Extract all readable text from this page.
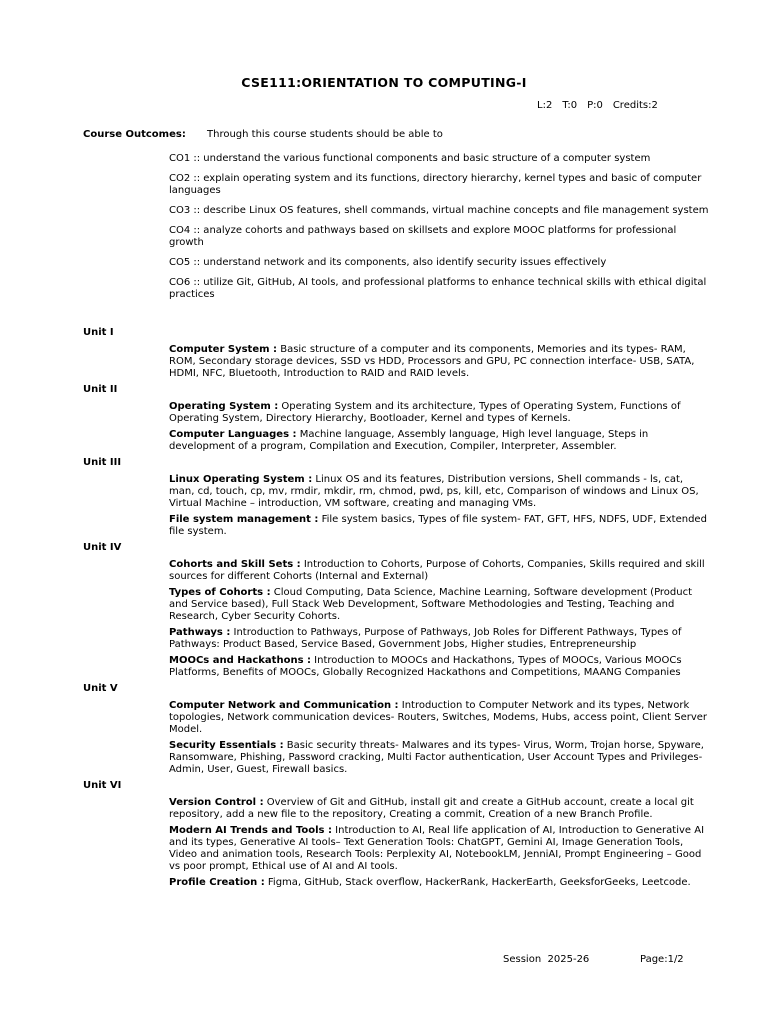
CSE111:ORIENTATION TO COMPUTING-I
L:2 T:0 P:0 Credits:2
Course Outcomes: Through this course students should be able to
CO1 :: understand the various functional components and basic structure of a computer system
CO2 :: explain operating system and its functions, directory hierarchy, kernel types and basic of computer languages
CO3 :: describe Linux OS features, shell commands, virtual machine concepts and file management system
CO4 :: analyze cohorts and pathways based on skillsets and explore MOOC platforms for professional growth
CO5 :: understand network and its components, also identify security issues effectively
CO6 :: utilize Git, GitHub, AI tools, and professional platforms to enhance technical skills with ethical digital practices
Unit I
Computer System : Basic structure of a computer and its components, Memories and its types- RAM, ROM, Secondary storage devices, SSD vs HDD, Processors and GPU, PC connection interface- USB, SATA, HDMI, NFC, Bluetooth, Introduction to RAID and RAID levels.
Unit II
Operating System : Operating System and its architecture, Types of Operating System, Functions of Operating System, Directory Hierarchy, Bootloader, Kernel and types of Kernels.
Computer Languages : Machine language, Assembly language, High level language, Steps in development of a program, Compilation and Execution, Compiler, Interpreter, Assembler.
Unit III
Linux Operating System : Linux OS and its features, Distribution versions, Shell commands - ls, cat, man, cd, touch, cp, mv, rmdir, mkdir, rm, chmod, pwd, ps, kill, etc, Comparison of windows and Linux OS, Virtual Machine – introduction, VM software, creating and managing VMs.
File system management : File system basics, Types of file system- FAT, GFT, HFS, NDFS, UDF, Extended file system.
Unit IV
Cohorts and Skill Sets : Introduction to Cohorts, Purpose of Cohorts, Companies, Skills required and skill sources for different Cohorts (Internal and External)
Types of Cohorts : Cloud Computing, Data Science, Machine Learning, Software development (Product and Service based), Full Stack Web Development, Software Methodologies and Testing, Teaching and Research, Cyber Security Cohorts.
Pathways : Introduction to Pathways, Purpose of Pathways, Job Roles for Different Pathways, Types of Pathways: Product Based, Service Based, Government Jobs, Higher studies, Entrepreneurship
MOOCs and Hackathons : Introduction to MOOCs and Hackathons, Types of MOOCs, Various MOOCs Platforms, Benefits of MOOCs, Globally Recognized Hackathons and Competitions, MAANG Companies
Unit V
Computer Network and Communication : Introduction to Computer Network and its types, Network topologies, Network communication devices- Routers, Switches, Modems, Hubs, access point, Client Server Model.
Security Essentials : Basic security threats- Malwares and its types- Virus, Worm, Trojan horse, Spyware, Ransomware, Phishing, Password cracking, Multi Factor authentication, User Account Types and Privileges- Admin, User, Guest, Firewall basics.
Unit VI
Version Control : Overview of Git and GitHub, install git and create a GitHub account, create a local git repository, add a new file to the repository, Creating a commit, Creation of a new Branch Profile.
Modern AI Trends and Tools : Introduction to AI, Real life application of AI, Introduction to Generative AI and its types, Generative AI tools– Text Generation Tools: ChatGPT, Gemini AI, Image Generation Tools, Video and animation tools, Research Tools: Perplexity AI, NotebookLM, JenniAI, Prompt Engineering – Good vs poor prompt, Ethical use of AI and AI tools.
Profile Creation : Figma, GitHub, Stack overflow, HackerRank, HackerEarth, GeeksforGeeks, Leetcode.
Session  2025-26	Page:1/2
